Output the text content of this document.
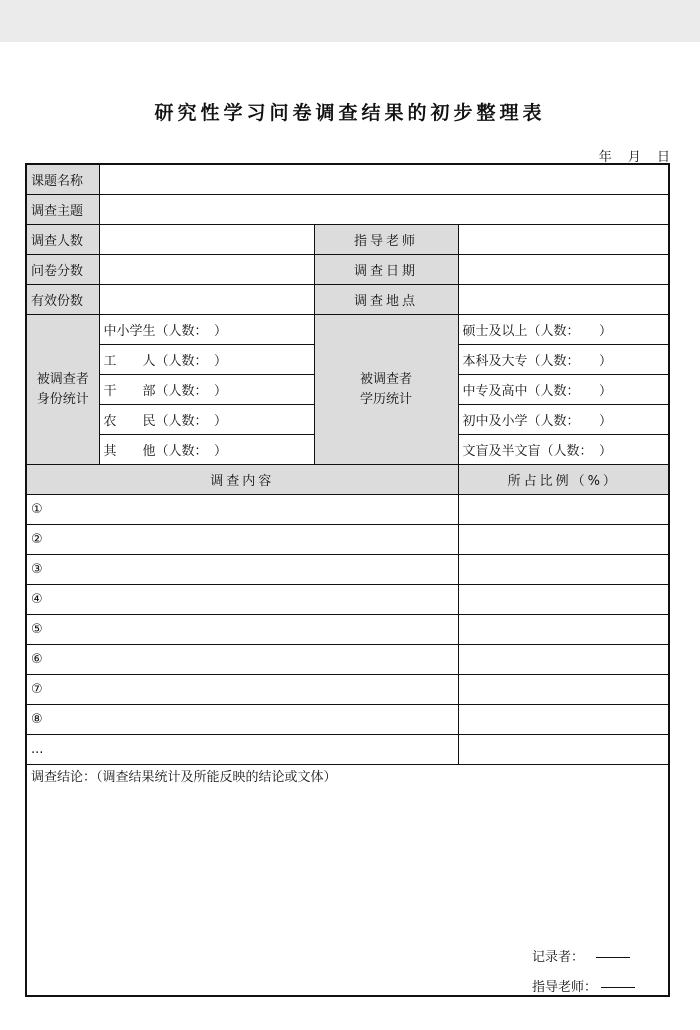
研究性学习问卷调查结果的初步整理表
年 月 日
课题名称			
调查主题			
调查人数		指导老师	
问卷分数		调查日期	
有效份数		调查地点	

被调查者身份统计	中小学生（人数：　）	被调查者学历统计	硕士及以上（人数：　　）
	工　　人（人数：　）		本科及大专（人数：　　）
	干　　部（人数：　）		中专及高中（人数：　　）
	农　　民（人数：　）		初中及小学（人数：　　）
	其　　他（人数：　）		文盲及半文盲（人数：　）
调查内容			所占比例（%）
①			
②			
③			
④			
⑤			
⑥			
⑦			
⑧			
...			
调查结论：（调查结果统计及所能反映的结论或文体）
记录者：
指导老师：
